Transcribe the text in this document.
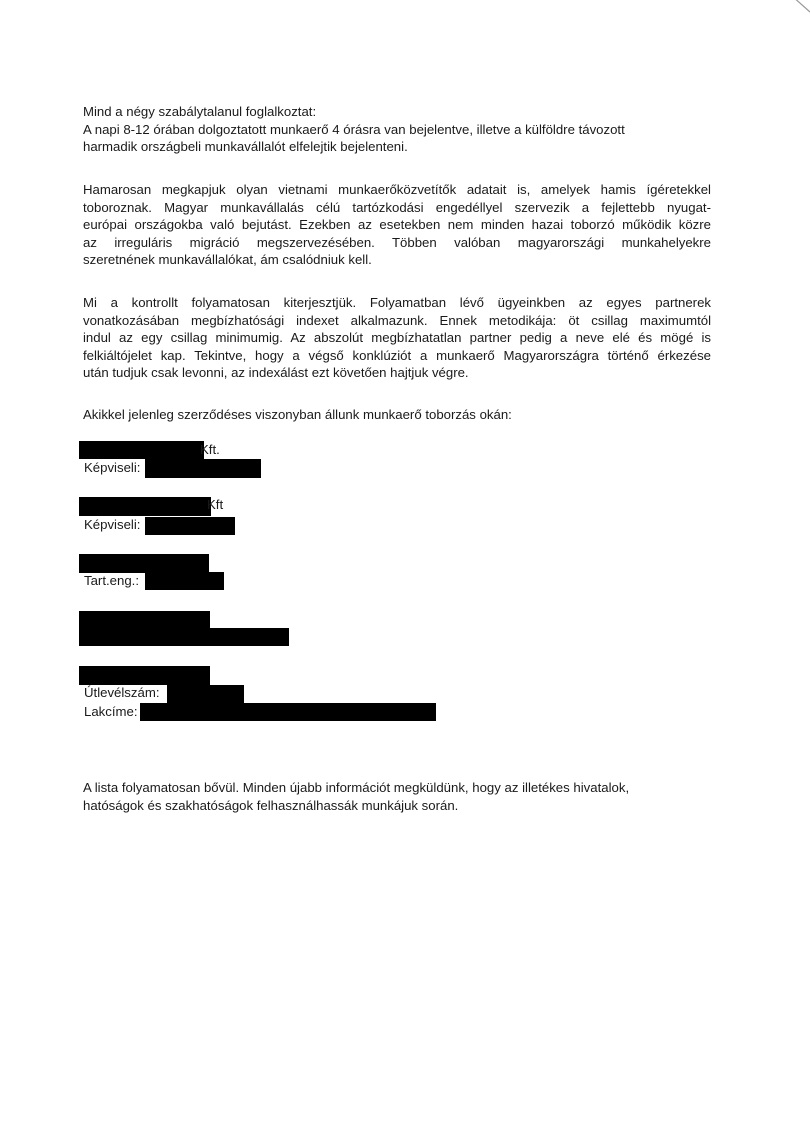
Mind a négy szabálytalanul foglalkoztat:
A napi 8-12 órában dolgoztatott munkaerő 4 órásra van bejelentve, illetve a külföldre távozott
harmadik országbeli munkavállalót elfelejtik bejelenteni.
Hamarosan megkapjuk olyan vietnami munkaerőközvetítők adatait is, amelyek hamis ígéretekkel
toboroznak. Magyar munkavállalás célú tartózkodási engedéllyel szervezik a fejlettebb nyugat-
európai országokba való bejutást. Ezekben az esetekben nem minden hazai toborzó működik közre
az irreguláris migráció megszervezésében. Többen valóban magyarországi munkahelyekre
szeretnének munkavállalókat, ám csalódniuk kell.
Mi a kontrollt folyamatosan kiterjesztjük. Folyamatban lévő ügyeinkben az egyes partnerek
vonatkozásában megbízhatósági indexet alkalmazunk. Ennek metodikája: öt csillag maximumtól
indul az egy csillag minimumig. Az abszolút megbízhatatlan partner pedig a neve elé és mögé is
felkiáltójelet kap. Tekintve, hogy a végső konklúziót a munkaerő Magyarországra történő érkezése
után tudjuk csak levonni, az indexálást ezt követően hajtjuk végre.
Akikkel jelenleg szerződéses viszonyban állunk munkaerő toborzás okán:
Kft.
Képviseli:
Kft
Képviseli:
Tart.eng.:
Útlevélszám:
Lakcíme:
A lista folyamatosan bővül. Minden újabb információt megküldünk, hogy az illetékes hivatalok,
hatóságok és szakhatóságok felhasználhassák munkájuk során.
